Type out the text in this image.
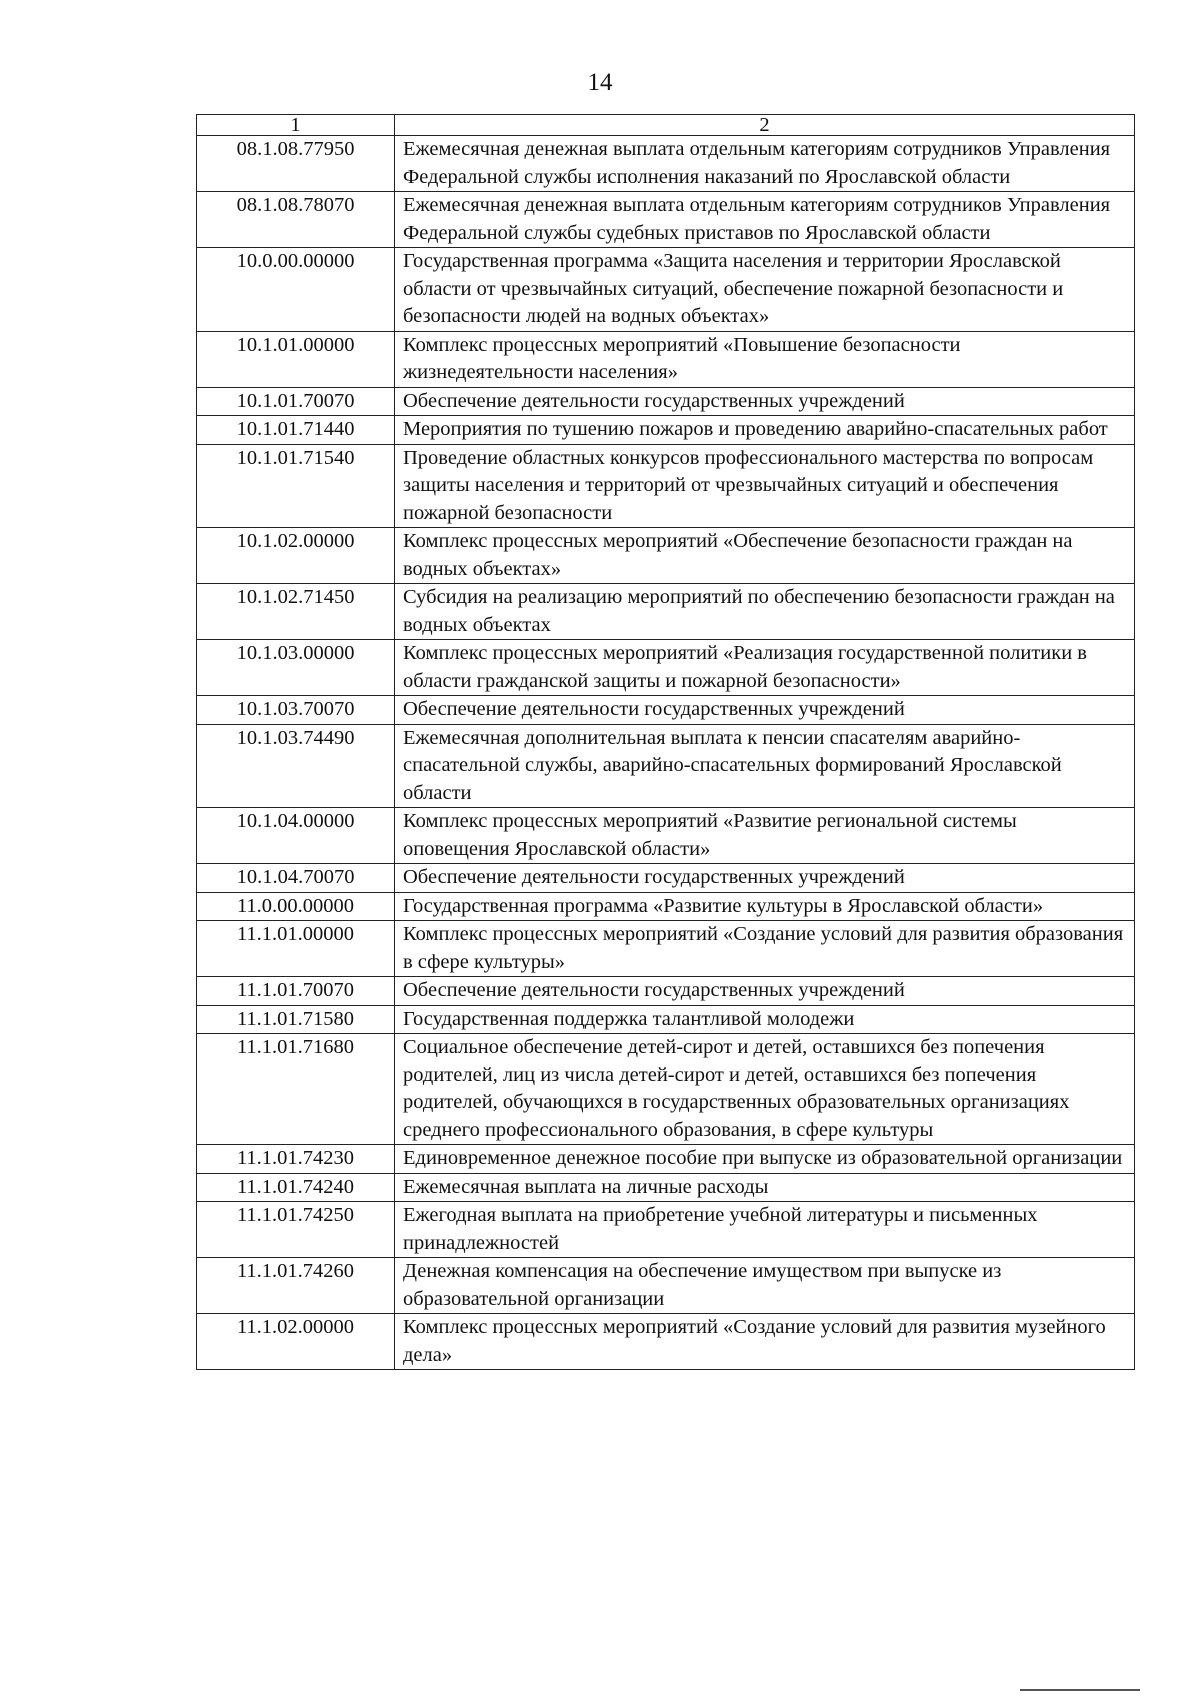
14
1	2
08.1.08.77950	Ежемесячная денежная выплата отдельным категориям сотрудников Управления Федеральной службы исполнения наказаний по Ярославской области
08.1.08.78070	Ежемесячная денежная выплата отдельным категориям сотрудников Управления Федеральной службы судебных приставов по Ярославской области
10.0.00.00000	Государственная программа «Защита населения и территории Ярославской области от чрезвычайных ситуаций, обеспечение пожарной безопасности и безопасности людей на водных объектах»
10.1.01.00000	Комплекс процессных мероприятий «Повышение безопасности жизнедеятельности населения»
10.1.01.70070	Обеспечение деятельности государственных учреждений
10.1.01.71440	Мероприятия по тушению пожаров и проведению аварийно-спасательных работ
10.1.01.71540	Проведение областных конкурсов профессионального мастерства по вопросам защиты населения и территорий от чрезвычайных ситуаций и обеспечения пожарной безопасности
10.1.02.00000	Комплекс процессных мероприятий «Обеспечение безопасности граждан на водных объектах»
10.1.02.71450	Субсидия на реализацию мероприятий по обеспечению безопасности граждан на водных объектах
10.1.03.00000	Комплекс процессных мероприятий «Реализация государственной политики в области гражданской защиты и пожарной безопасности»
10.1.03.70070	Обеспечение деятельности государственных учреждений
10.1.03.74490	Ежемесячная дополнительная выплата к пенсии спасателям аварийно-спасательной службы, аварийно-спасательных формирований Ярославской области
10.1.04.00000	Комплекс процессных мероприятий «Развитие региональной системы оповещения Ярославской области»
10.1.04.70070	Обеспечение деятельности государственных учреждений
11.0.00.00000	Государственная программа «Развитие культуры в Ярославской области»
11.1.01.00000	Комплекс процессных мероприятий «Создание условий для развития образования в сфере культуры»
11.1.01.70070	Обеспечение деятельности государственных учреждений
11.1.01.71580	Государственная поддержка талантливой молодежи
11.1.01.71680	Социальное обеспечение детей-сирот и детей, оставшихся без попечения родителей, лиц из числа детей-сирот и детей, оставшихся без попечения родителей, обучающихся в государственных образовательных организациях среднего профессионального образования, в сфере культуры
11.1.01.74230	Единовременное денежное пособие при выпуске из образовательной организации
11.1.01.74240	Ежемесячная выплата на личные расходы
11.1.01.74250	Ежегодная выплата на приобретение учебной литературы и письменных принадлежностей
11.1.01.74260	Денежная компенсация на обеспечение имуществом при выпуске из образовательной организации
11.1.02.00000	Комплекс процессных мероприятий «Создание условий для развития музейного дела»
